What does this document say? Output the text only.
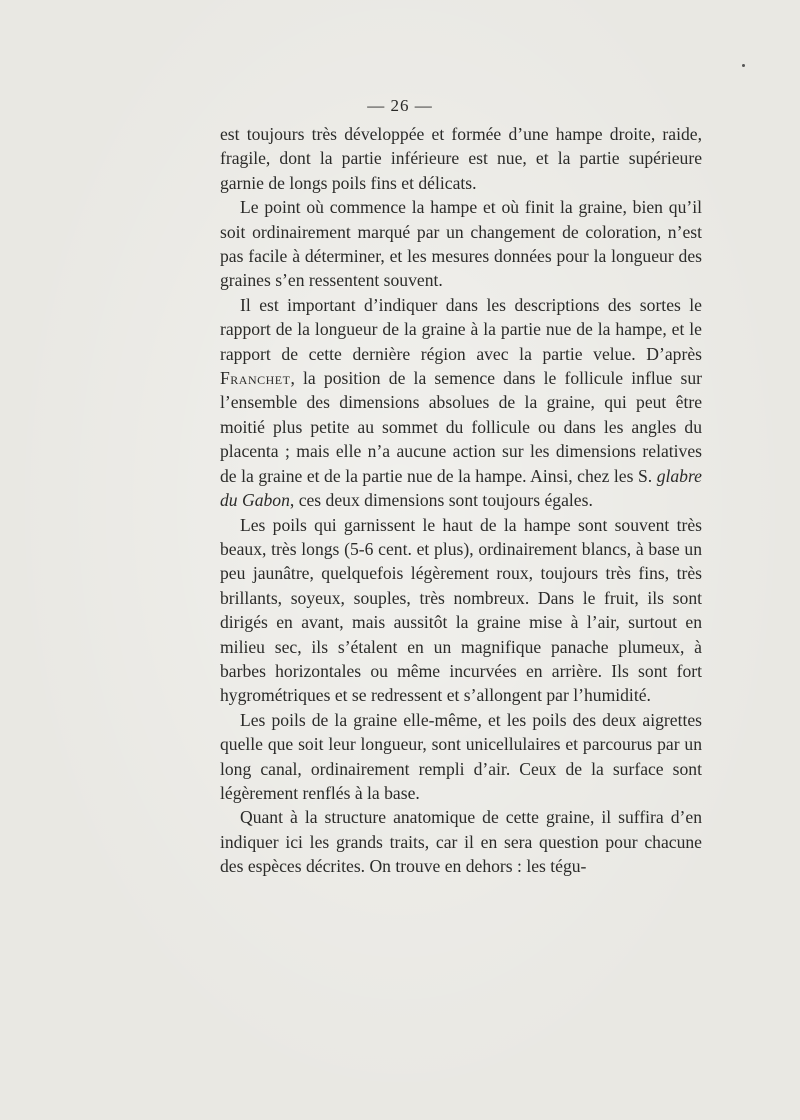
— 26 —

est toujours très développée et formée d’une hampe droite, raide, fragile, dont la partie inférieure est nue, et la partie supérieure garnie de longs poils fins et délicats.

Le point où commence la hampe et où finit la graine, bien qu’il soit ordinairement marqué par un changement de coloration, n’est pas facile à déterminer, et les mesures données pour la longueur des graines s’en ressentent souvent.

Il est important d’indiquer dans les descriptions des sortes le rapport de la longueur de la graine à la partie nue de la hampe, et le rapport de cette dernière région avec la partie velue. D’après Franchet, la position de la semence dans le follicule influe sur l’ensemble des dimensions absolues de la graine, qui peut être moitié plus petite au sommet du follicule ou dans les angles du placenta ; mais elle n’a aucune action sur les dimensions relatives de la graine et de la partie nue de la hampe. Ainsi, chez les S. glabre du Gabon, ces deux dimensions sont toujours égales.

Les poils qui garnissent le haut de la hampe sont souvent très beaux, très longs (5-6 cent. et plus), ordinairement blancs, à base un peu jaunâtre, quelquefois légèrement roux, toujours très fins, très brillants, soyeux, souples, très nombreux. Dans le fruit, ils sont dirigés en avant, mais aussitôt la graine mise à l’air, surtout en milieu sec, ils s’étalent en un magnifique panache plumeux, à barbes horizontales ou même incurvées en arrière. Ils sont fort hygrométriques et se redressent et s’allongent par l’humidité.

Les poils de la graine elle-même, et les poils des deux aigrettes quelle que soit leur longueur, sont unicellulaires et parcourus par un long canal, ordinairement rempli d’air. Ceux de la surface sont légèrement renflés à la base.

Quant à la structure anatomique de cette graine, il suffira d’en indiquer ici les grands traits, car il en sera question pour chacune des espèces décrites. On trouve en dehors : les tégu-
